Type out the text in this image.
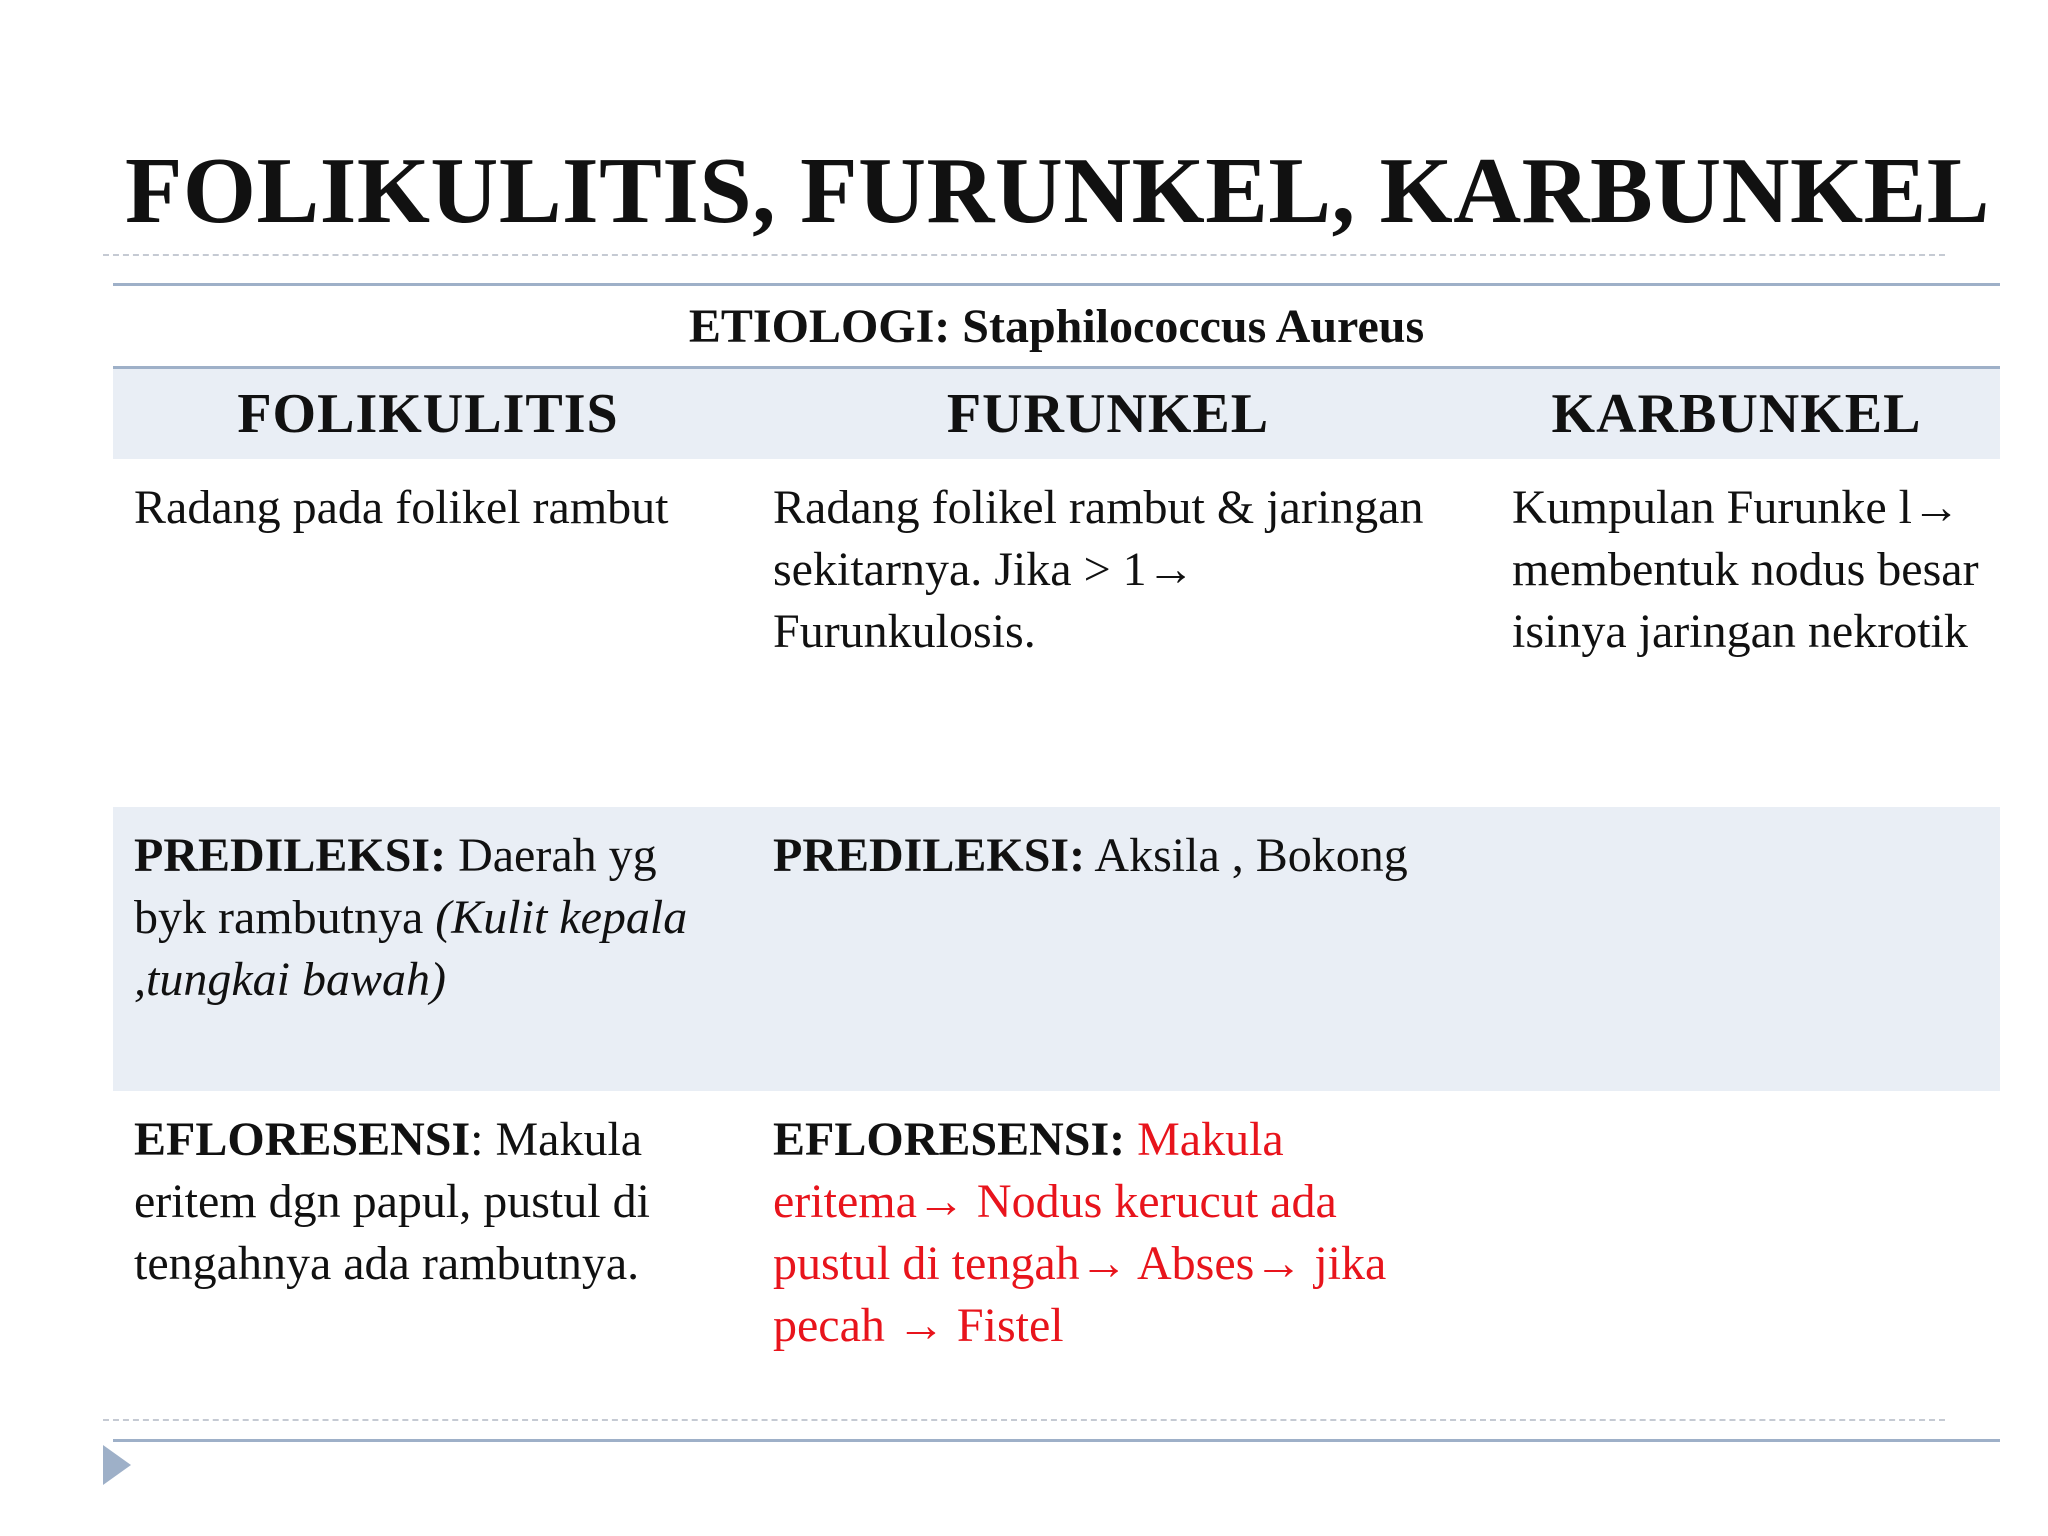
FOLIKULITIS, FURUNKEL, KARBUNKEL
ETIOLOGI: Staphilococcus Aureus		
FOLIKULITIS	FURUNKEL	KARBUNKEL
Radang pada folikel rambut	Radang folikel rambut & jaringan sekitarnya. Jika > 1→ Furunkulosis.	Kumpulan Furunke l→ membentuk nodus besar isinya jaringan nekrotik
PREDILEKSI: Daerah yg byk rambutnya (Kulit kepala ,tungkai bawah)	PREDILEKSI: Aksila , Bokong	
EFLORESENSI: Makula eritem dgn papul, pustul di tengahnya ada rambutnya.	EFLORESENSI: Makula eritema→ Nodus kerucut ada pustul di tengah→ Abses→ jika pecah → Fistel	
